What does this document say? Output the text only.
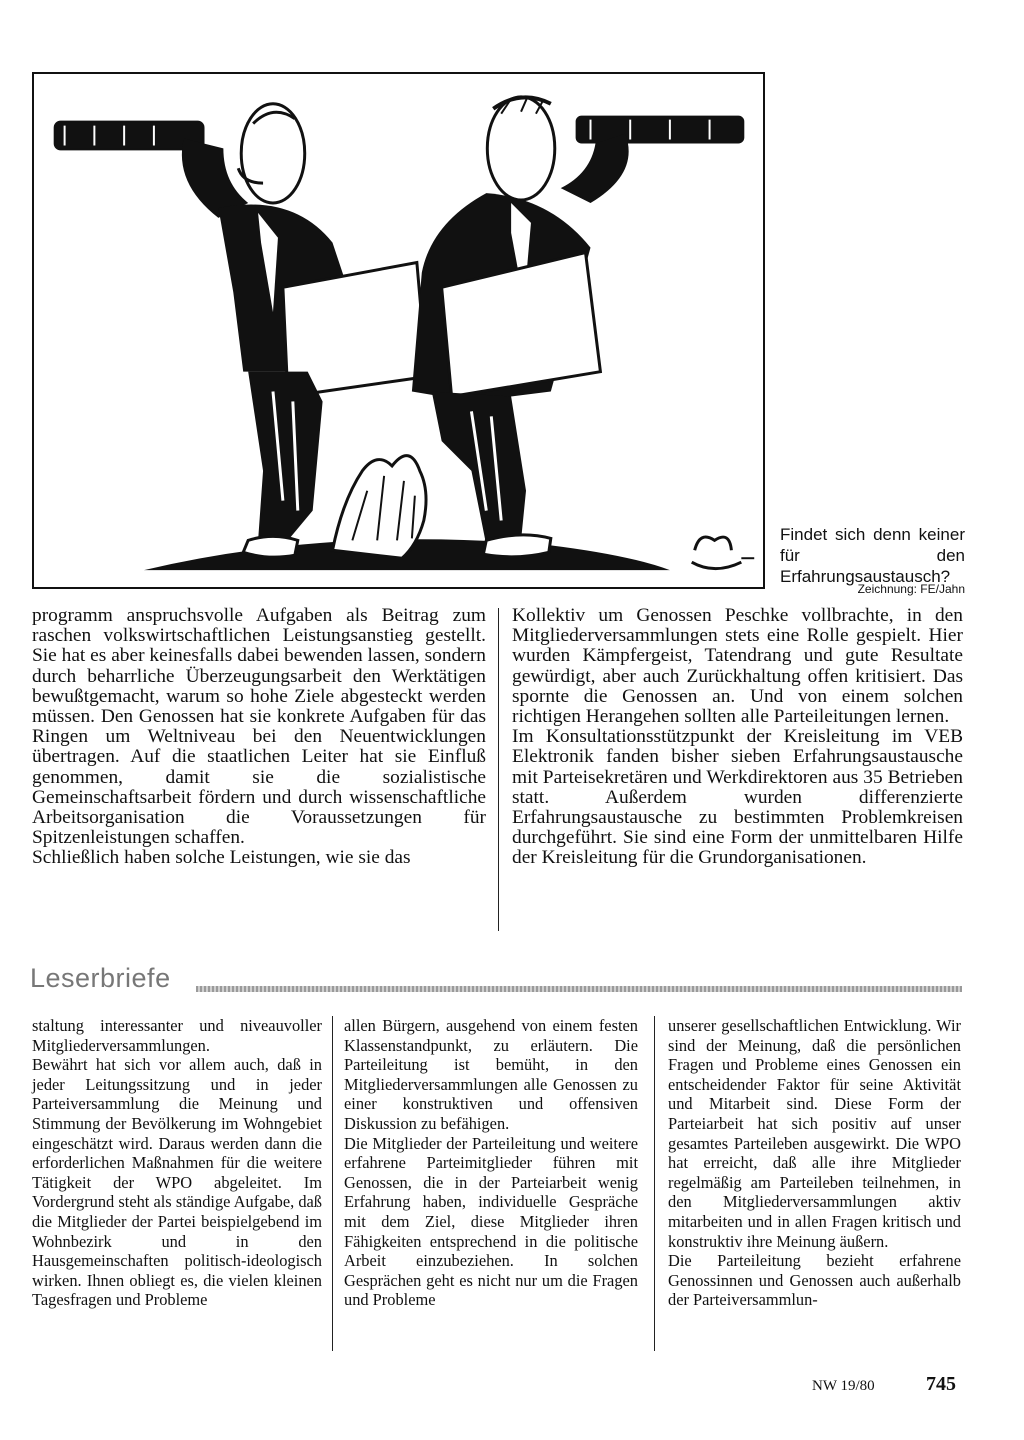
Findet sich denn keiner für den Erfahrungsaustausch?
Zeichnung: FE/Jahn

programm anspruchsvolle Aufgaben als Beitrag zum raschen volkswirtschaftlichen Leistungsanstieg gestellt. Sie hat es aber keinesfalls dabei bewenden lassen, sondern durch beharrliche Überzeugungsarbeit den Werktätigen bewußtgemacht, warum so hohe Ziele abgesteckt werden müssen. Den Genossen hat sie konkrete Aufgaben für das Ringen um Weltniveau bei den Neuentwicklungen übertragen. Auf die staatlichen Leiter hat sie Einfluß genommen, damit sie die sozialistische Gemeinschaftsarbeit fördern und durch wissenschaftliche Arbeitsorganisation die Voraussetzungen für Spitzenleistungen schaffen.

Schließlich haben solche Leistungen, wie sie das

Kollektiv um Genossen Peschke vollbrachte, in den Mitgliederversammlungen stets eine Rolle gespielt. Hier wurden Kämpfergeist, Tatendrang und gute Resultate gewürdigt, aber auch Zurückhaltung offen kritisiert. Das spornte die Genossen an. Und von einem solchen richtigen Herangehen sollten alle Parteileitungen lernen.

Im Konsultationsstützpunkt der Kreisleitung im VEB Elektronik fanden bisher sieben Erfahrungsaustausche mit Parteisekretären und Werkdirektoren aus 35 Betrieben statt. Außerdem wurden differenzierte Erfahrungsaustausche zu bestimmten Problemkreisen durchgeführt. Sie sind eine Form der unmittelbaren Hilfe der Kreisleitung für die Grundorganisationen.

Leserbriefe

staltung interessanter und niveauvoller Mitgliederversammlungen.

Bewährt hat sich vor allem auch, daß in jeder Leitungssitzung und in jeder Parteiversammlung die Meinung und Stimmung der Bevölkerung im Wohngebiet eingeschätzt wird. Daraus werden dann die erforderlichen Maßnahmen für die weitere Tätigkeit der WPO abgeleitet. Im Vordergrund steht als ständige Aufgabe, daß die Mitglieder der Partei beispielgebend im Wohnbezirk und in den Hausgemeinschaften politisch-ideologisch wirken. Ihnen obliegt es, die vielen kleinen Tagesfragen und Probleme

allen Bürgern, ausgehend von einem festen Klassenstandpunkt, zu erläutern. Die Parteileitung ist bemüht, in den Mitgliederversammlungen alle Genossen zu einer konstruktiven und offensiven Diskussion zu befähigen.

Die Mitglieder der Parteileitung und weitere erfahrene Parteimitglieder führen mit Genossen, die in der Parteiarbeit wenig Erfahrung haben, individuelle Gespräche mit dem Ziel, diese Mitglieder ihren Fähigkeiten entsprechend in die politische Arbeit einzubeziehen. In solchen Gesprächen geht es nicht nur um die Fragen und Probleme

unserer gesellschaftlichen Entwicklung. Wir sind der Meinung, daß die persönlichen Fragen und Probleme eines Genossen ein entscheidender Faktor für seine Aktivität und Mitarbeit sind. Diese Form der Parteiarbeit hat sich positiv auf unser gesamtes Parteileben ausgewirkt. Die WPO hat erreicht, daß alle ihre Mitglieder regelmäßig am Parteileben teilnehmen, in den Mitgliederversammlungen aktiv mitarbeiten und in allen Fragen kritisch und konstruktiv ihre Meinung äußern.

Die Parteileitung bezieht erfahrene Genossinnen und Genossen auch außerhalb der Parteiversammlun-

NW 19/80	745
